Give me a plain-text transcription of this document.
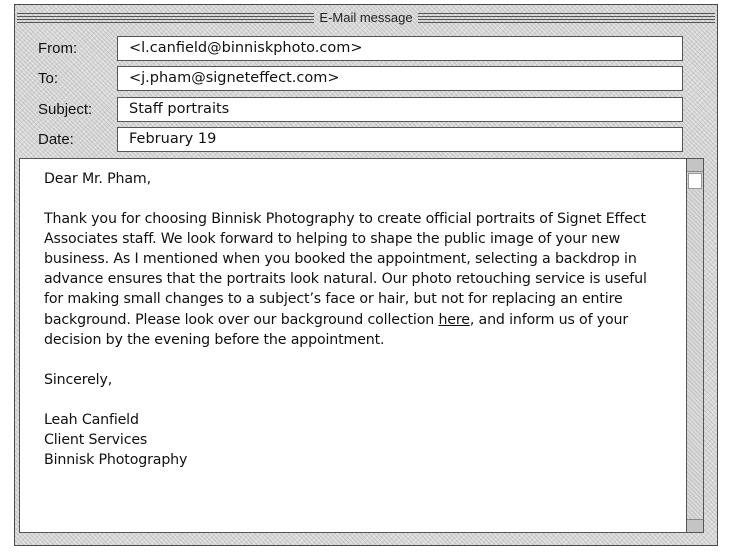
E-Mail message
From:	<l.canfield@binniskphoto.com>
To:	<j.pham@signeteffect.com>
Subject:	Staff portraits
Date:	February 19

Dear Mr. Pham,

Thank you for choosing Binnisk Photography to create official portraits of Signet Effect Associates staff. We look forward to helping to shape the public image of your new business. As I mentioned when you booked the appointment, selecting a backdrop in advance ensures that the portraits look natural. Our photo retouching service is useful for making small changes to a subject’s face or hair, but not for replacing an entire background. Please look over our background collection here, and inform us of your decision by the evening before the appointment.

Sincerely,

Leah Canfield
Client Services
Binnisk Photography
